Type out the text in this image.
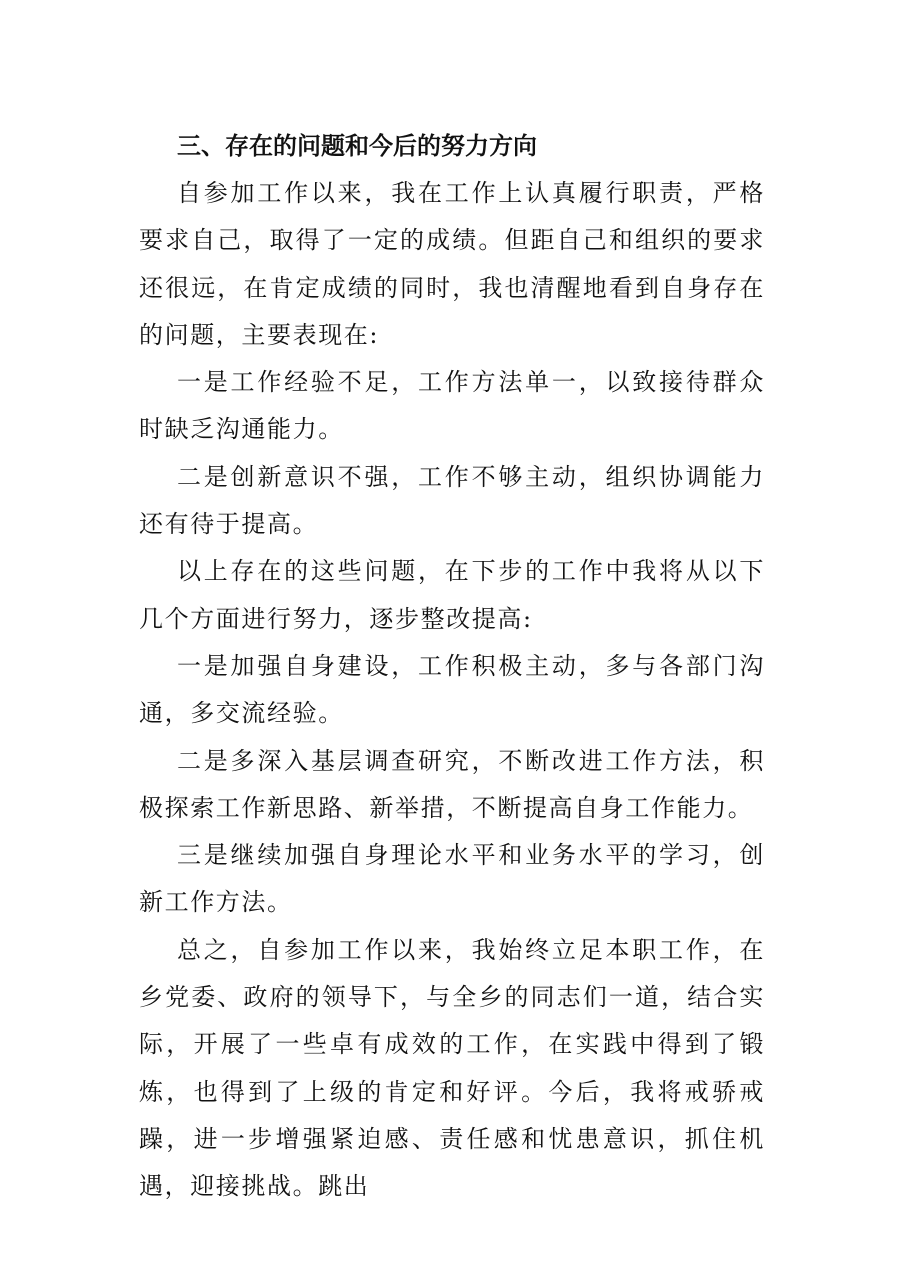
三、存在的问题和今后的努力方向

自参加工作以来，我在工作上认真履行职责，严格要求自己，取得了一定的成绩。但距自己和组织的要求还很远，在肯定成绩的同时，我也清醒地看到自身存在的问题，主要表现在:

一是工作经验不足，工作方法单一，以致接待群众时缺乏沟通能力。

二是创新意识不强，工作不够主动，组织协调能力还有待于提高。

以上存在的这些问题，在下步的工作中我将从以下几个方面进行努力，逐步整改提高:

一是加强自身建设，工作积极主动，多与各部门沟通，多交流经验。

二是多深入基层调查研究，不断改进工作方法，积极探索工作新思路、新举措，不断提高自身工作能力。

三是继续加强自身理论水平和业务水平的学习，创新工作方法。

总之，自参加工作以来，我始终立足本职工作，在乡党委、政府的领导下，与全乡的同志们一道，结合实际，开展了一些卓有成效的工作，在实践中得到了锻炼，也得到了上级的肯定和好评。今后，我将戒骄戒躁，进一步增强紧迫感、责任感和忧患意识，抓住机遇，迎接挑战。跳出
